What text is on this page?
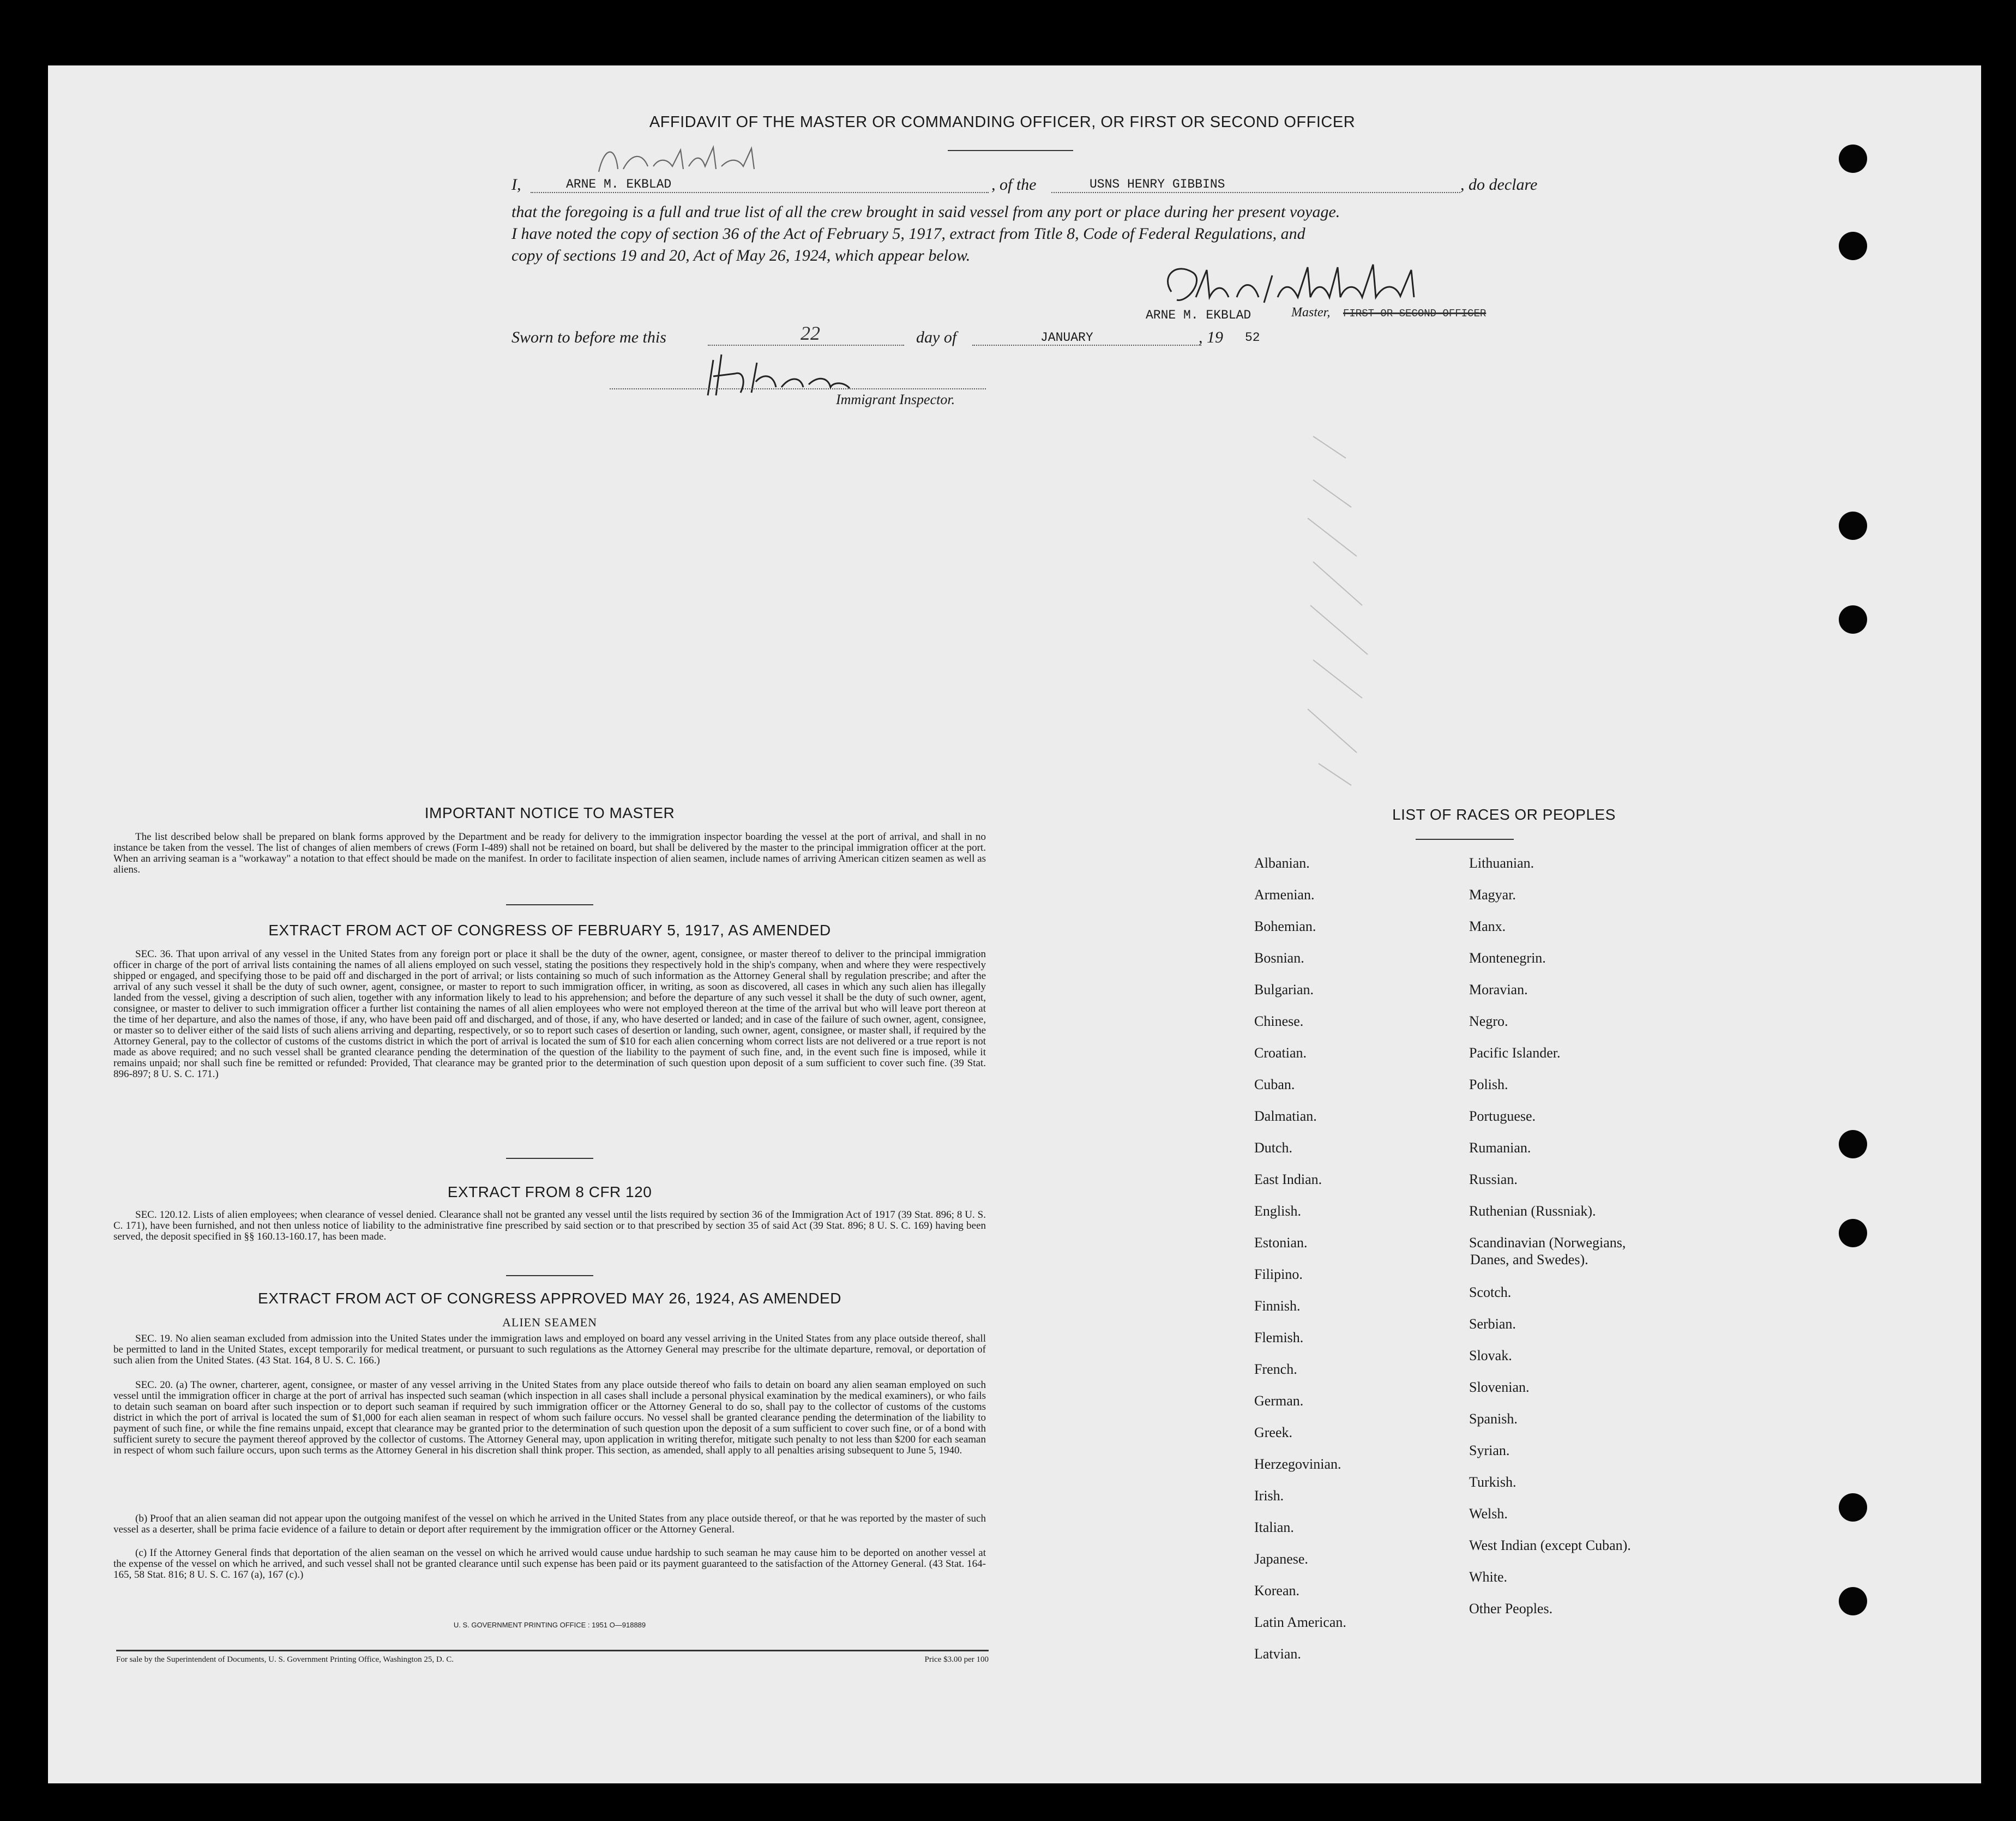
AFFIDAVIT OF THE MASTER OR COMMANDING OFFICER, OR FIRST OR SECOND OFFICER
I,	ARNE M. EKBLAD	, of the	USNS HENRY GIBBINS	, do declare
that the foregoing is a full and true list of all the crew brought in said vessel from any port or place during her present voyage.
I have noted the copy of section 36 of the Act of February 5, 1917, extract from Title 8, Code of Federal Regulations, and
copy of sections 19 and 20, Act of May 26, 1924, which appear below.
ARNE M. EKBLAD	Master, FIRST OR SECOND OFFICER
Sworn to before me this	22	day of	JANUARY	, 19 52
Immigrant Inspector.
IMPORTANT NOTICE TO MASTER
The list described below shall be prepared on blank forms approved by the Department and be ready for delivery to the immigration inspector boarding the vessel at the port of arrival, and shall in no instance be taken from the vessel. The list of changes of alien members of crews (Form I-489) shall not be retained on board, but shall be delivered by the master to the principal immigration officer at the port. When an arriving seaman is a "workaway" a notation to that effect should be made on the manifest. In order to facilitate inspection of alien seamen, include names of arriving American citizen seamen as well as aliens.
EXTRACT FROM ACT OF CONGRESS OF FEBRUARY 5, 1917, AS AMENDED
SEC. 36. That upon arrival of any vessel in the United States from any foreign port or place it shall be the duty of the owner, agent, consignee, or master thereof to deliver to the principal immigration officer in charge of the port of arrival lists containing the names of all aliens employed on such vessel, stating the positions they respectively hold in the ship's company, when and where they were respectively shipped or engaged, and specifying those to be paid off and discharged in the port of arrival; or lists containing so much of such information as the Attorney General shall by regulation prescribe; and after the arrival of any such vessel it shall be the duty of such owner, agent, consignee, or master to report to such immigration officer, in writing, as soon as discovered, all cases in which any such alien has illegally landed from the vessel, giving a description of such alien, together with any information likely to lead to his apprehension; and before the departure of any such vessel it shall be the duty of such owner, agent, consignee, or master to deliver to such immigration officer a further list containing the names of all alien employees who were not employed thereon at the time of the arrival but who will leave port thereon at the time of her departure, and also the names of those, if any, who have been paid off and discharged, and of those, if any, who have deserted or landed; and in case of the failure of such owner, agent, consignee, or master so to deliver either of the said lists of such aliens arriving and departing, respectively, or so to report such cases of desertion or landing, such owner, agent, consignee, or master shall, if required by the Attorney General, pay to the collector of customs of the customs district in which the port of arrival is located the sum of $10 for each alien concerning whom correct lists are not delivered or a true report is not made as above required; and no such vessel shall be granted clearance pending the determination of the question of the liability to the payment of such fine, and, in the event such fine is imposed, while it remains unpaid; nor shall such fine be remitted or refunded: Provided, That clearance may be granted prior to the determination of such question upon deposit of a sum sufficient to cover such fine. (39 Stat. 896-897; 8 U. S. C. 171.)
EXTRACT FROM 8 CFR 120
SEC. 120.12. Lists of alien employees; when clearance of vessel denied. Clearance shall not be granted any vessel until the lists required by section 36 of the Immigration Act of 1917 (39 Stat. 896; 8 U. S. C. 171), have been furnished, and not then unless notice of liability to the administrative fine prescribed by said section or to that prescribed by section 35 of said Act (39 Stat. 896; 8 U. S. C. 169) having been served, the deposit specified in §§ 160.13-160.17, has been made.
EXTRACT FROM ACT OF CONGRESS APPROVED MAY 26, 1924, AS AMENDED
ALIEN SEAMEN
SEC. 19. No alien seaman excluded from admission into the United States under the immigration laws and employed on board any vessel arriving in the United States from any place outside thereof, shall be permitted to land in the United States, except temporarily for medical treatment, or pursuant to such regulations as the Attorney General may prescribe for the ultimate departure, removal, or deportation of such alien from the United States. (43 Stat. 164, 8 U. S. C. 166.)
SEC. 20. (a) The owner, charterer, agent, consignee, or master of any vessel arriving in the United States from any place outside thereof who fails to detain on board any alien seaman employed on such vessel until the immigration officer in charge at the port of arrival has inspected such seaman (which inspection in all cases shall include a personal physical examination by the medical examiners), or who fails to detain such seaman on board after such inspection or to deport such seaman if required by such immigration officer or the Attorney General to do so, shall pay to the collector of customs of the customs district in which the port of arrival is located the sum of $1,000 for each alien seaman in respect of whom such failure occurs. No vessel shall be granted clearance pending the determination of the liability to payment of such fine, or while the fine remains unpaid, except that clearance may be granted prior to the determination of such question upon the deposit of a sum sufficient to cover such fine, or of a bond with sufficient surety to secure the payment thereof approved by the collector of customs. The Attorney General may, upon application in writing therefor, mitigate such penalty to not less than $200 for each seaman in respect of whom such failure occurs, upon such terms as the Attorney General in his discretion shall think proper. This section, as amended, shall apply to all penalties arising subsequent to June 5, 1940.
(b) Proof that an alien seaman did not appear upon the outgoing manifest of the vessel on which he arrived in the United States from any place outside thereof, or that he was reported by the master of such vessel as a deserter, shall be prima facie evidence of a failure to detain or deport after requirement by the immigration officer or the Attorney General.
(c) If the Attorney General finds that deportation of the alien seaman on the vessel on which he arrived would cause undue hardship to such seaman he may cause him to be deported on another vessel at the expense of the vessel on which he arrived, and such vessel shall not be granted clearance until such expense has been paid or its payment guaranteed to the satisfaction of the Attorney General. (43 Stat. 164-165, 58 Stat. 816; 8 U. S. C. 167 (a), 167 (c).)
U. S. GOVERNMENT PRINTING OFFICE : 1951 O—918889
For sale by the Superintendent of Documents, U. S. Government Printing Office, Washington 25, D. C.	Price $3.00 per 100
LIST OF RACES OR PEOPLES
Albanian.
Armenian.
Bohemian.
Bosnian.
Bulgarian.
Chinese.
Croatian.
Cuban.
Dalmatian.
Dutch.
East Indian.
English.
Estonian.
Filipino.
Finnish.
Flemish.
French.
German.
Greek.
Herzegovinian.
Irish.
Italian.
Japanese.
Korean.
Latin American.
Latvian.
Lithuanian.
Magyar.
Manx.
Montenegrin.
Moravian.
Negro.
Pacific Islander.
Polish.
Portuguese.
Rumanian.
Russian.
Ruthenian (Russniak).
Scandinavian (Norwegians,
Danes, and Swedes).
Scotch.
Serbian.
Slovak.
Slovenian.
Spanish.
Syrian.
Turkish.
Welsh.
West Indian (except Cuban).
White.
Other Peoples.
